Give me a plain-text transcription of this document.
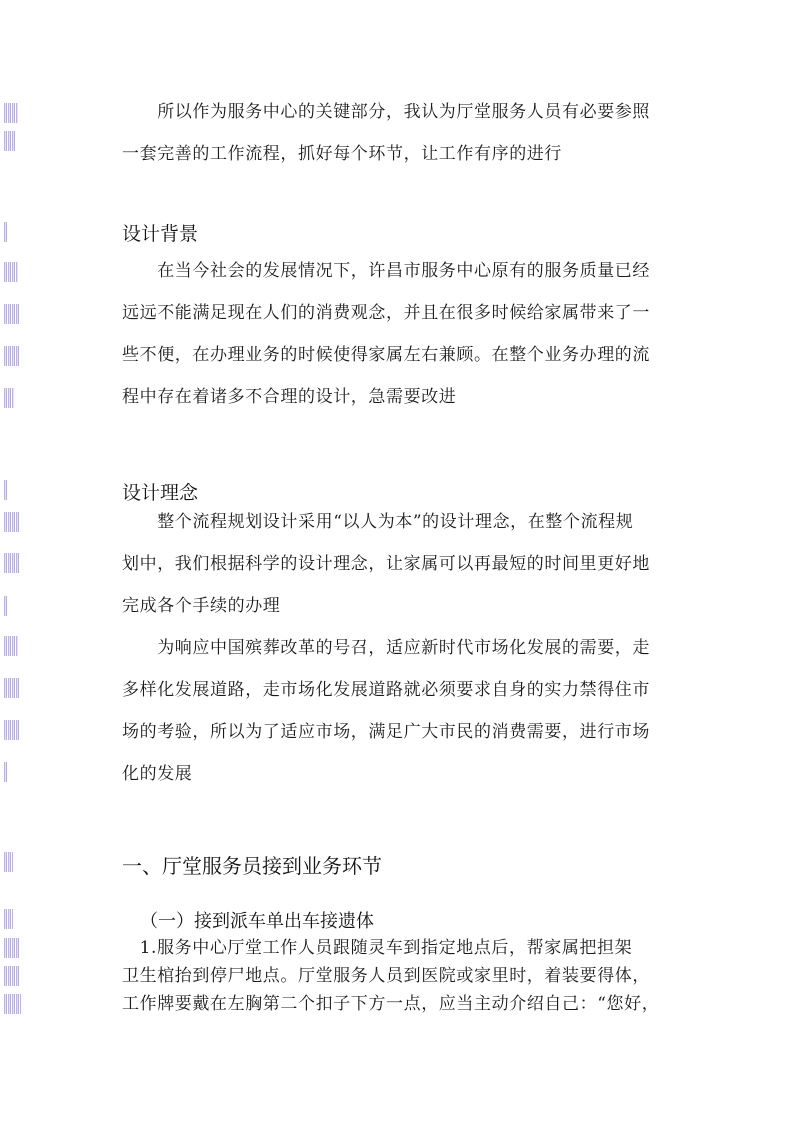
　　所以作为服务中心的关键部分，我认为厅堂服务人员有必要参照
一套完善的工作流程，抓好每个环节，让工作有序的进行
设计背景
　　在当今社会的发展情况下，许昌市服务中心原有的服务质量已经
远远不能满足现在人们的消费观念，并且在很多时候给家属带来了一
些不便，在办理业务的时候使得家属左右兼顾。在整个业务办理的流
程中存在着诸多不合理的设计，急需要改进
设计理念
　　整个流程规划设计采用“以人为本”的设计理念，在整个流程规
划中，我们根据科学的设计理念，让家属可以再最短的时间里更好地
完成各个手续的办理
　　为响应中国殡葬改革的号召，适应新时代市场化发展的需要，走
多样化发展道路，走市场化发展道路就必须要求自身的实力禁得住市
场的考验，所以为了适应市场，满足广大市民的消费需要，进行市场
化的发展
一、厅堂服务员接到业务环节
（一）接到派车单出车接遗体
　1.服务中心厅堂工作人员跟随灵车到指定地点后，帮家属把担架
卫生棺抬到停尸地点。厅堂服务人员到医院或家里时，着装要得体，
工作牌要戴在左胸第二个扣子下方一点，应当主动介绍自己：“您好，
